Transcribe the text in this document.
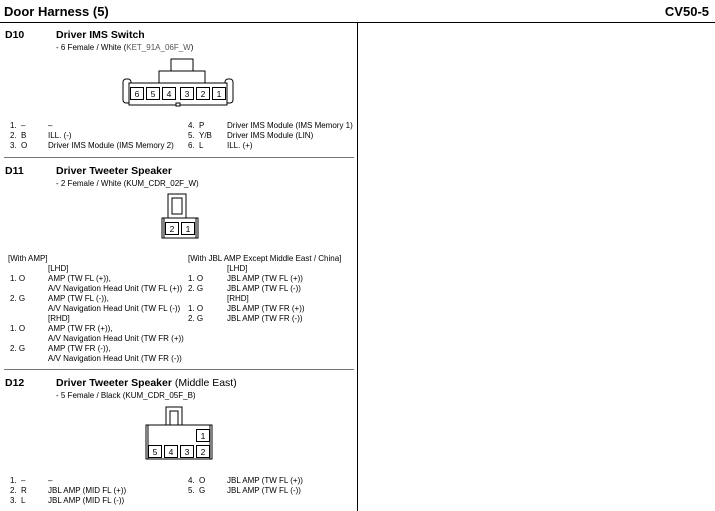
Door Harness (5)	CV50-5
D10	Driver IMS Switch
- 6 Female / White (KET_91A_06F_W)
6	5	4	3	2	1
1. –	–
2. B	ILL. (-)
3. O	Driver IMS Module (IMS Memory 2)
4. P	Driver IMS Module (IMS Memory 1)
5. Y/B Driver IMS Module (LIN)
6. L	ILL. (+)
D11	Driver Tweeter Speaker
- 2 Female / White (KUM_CDR_02F_W)
2	1
[With AMP]
[LHD]
1. O	AMP (TW FL (+)),
A/V Navigation Head Unit (TW FL (+))
2. G	AMP (TW FL (-)),
A/V Navigation Head Unit (TW FL (-))
[RHD]
1. O	AMP (TW FR (+)),
A/V Navigation Head Unit (TW FR (+))
2. G	AMP (TW FR (-)),
A/V Navigation Head Unit (TW FR (-))
[With JBL AMP Except Middle East / China]
[LHD]
1. O	JBL AMP (TW FL (+))
2. G	JBL AMP (TW FL (-))
[RHD]
1. O	JBL AMP (TW FR (+))
2. G	JBL AMP (TW FR (-))
D12	Driver Tweeter Speaker (Middle East)
- 5 Female / Black (KUM_CDR_05F_B)
1
5	4	3	2
1. –	–
2. R	JBL AMP (MID FL (+))
3. L	JBL AMP (MID FL (-))
4. O	JBL AMP (TW FL (+))
5. G	JBL AMP (TW FL (-))
